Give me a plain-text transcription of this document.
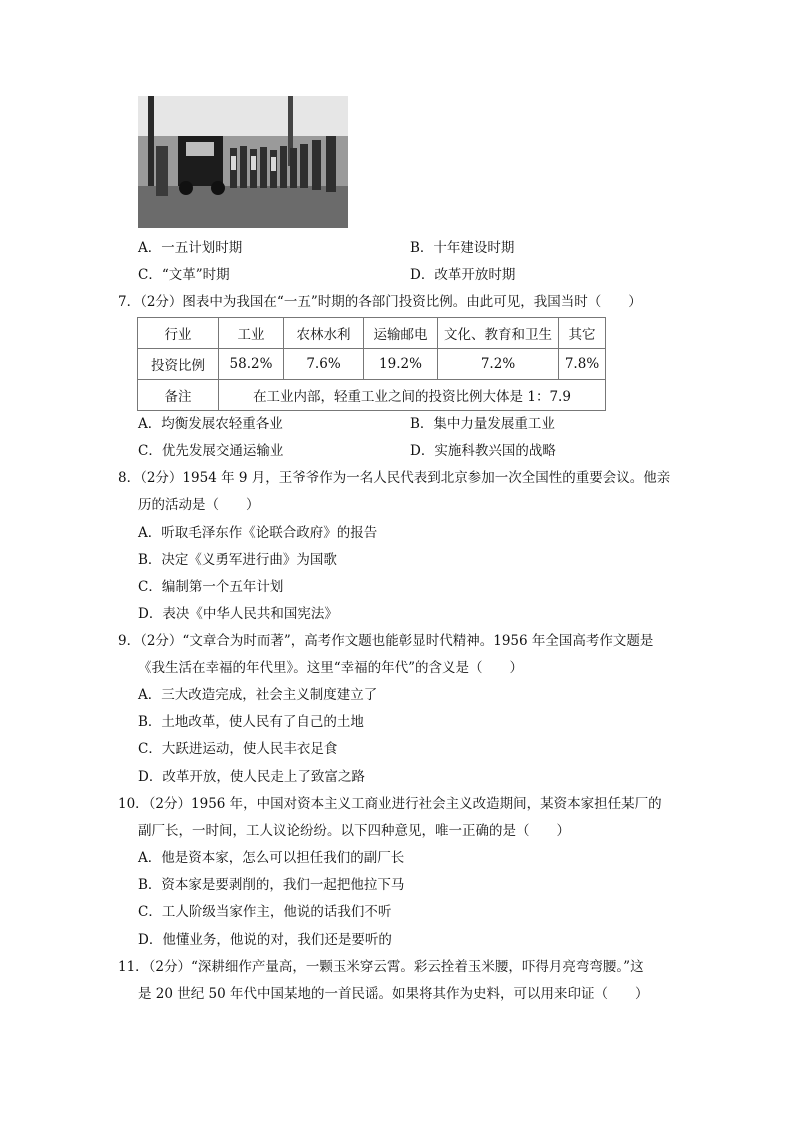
A．一五计划时期	B．十年建设时期
C．“文革”时期	D．改革开放时期
7．（2分）图表中为我国在“一五”时期的各部门投资比例。由此可见，我国当时（　　）
行业	工业	农林水利	运输邮电	文化、教育和卫生	其它
投资比例	58.2%	7.6%	19.2%	7.2%	7.8%
备注	在工业内部，轻重工业之间的投资比例大体是 1：7.9				
A．均衡发展农轻重各业	B．集中力量发展重工业
C．优先发展交通运输业	D．实施科教兴国的战略
8．（2分）1954 年 9 月，王爷爷作为一名人民代表到北京参加一次全国性的重要会议。他亲
历的活动是（　　）
A．听取毛泽东作《论联合政府》的报告
B．决定《义勇军进行曲》为国歌
C．编制第一个五年计划
D．表决《中华人民共和国宪法》
9．（2分）“文章合为时而著”，高考作文题也能彰显时代精神。1956 年全国高考作文题是
《我生活在幸福的年代里》。这里“幸福的年代”的含义是（　　）
A．三大改造完成，社会主义制度建立了
B．土地改革，使人民有了自己的土地
C．大跃进运动，使人民丰衣足食
D．改革开放，使人民走上了致富之路
10．（2分）1956 年，中国对资本主义工商业进行社会主义改造期间，某资本家担任某厂的
副厂长，一时间，工人议论纷纷。以下四种意见，唯一正确的是（　　）
A．他是资本家，怎么可以担任我们的副厂长
B．资本家是要剥削的，我们一起把他拉下马
C．工人阶级当家作主，他说的话我们不听
D．他懂业务，他说的对，我们还是要听的
11．（2分）“深耕细作产量高，一颗玉米穿云霄。彩云拴着玉米腰，吓得月亮弯弯腰。”这
是 20 世纪 50 年代中国某地的一首民谣。如果将其作为史料，可以用来印证（　　）
